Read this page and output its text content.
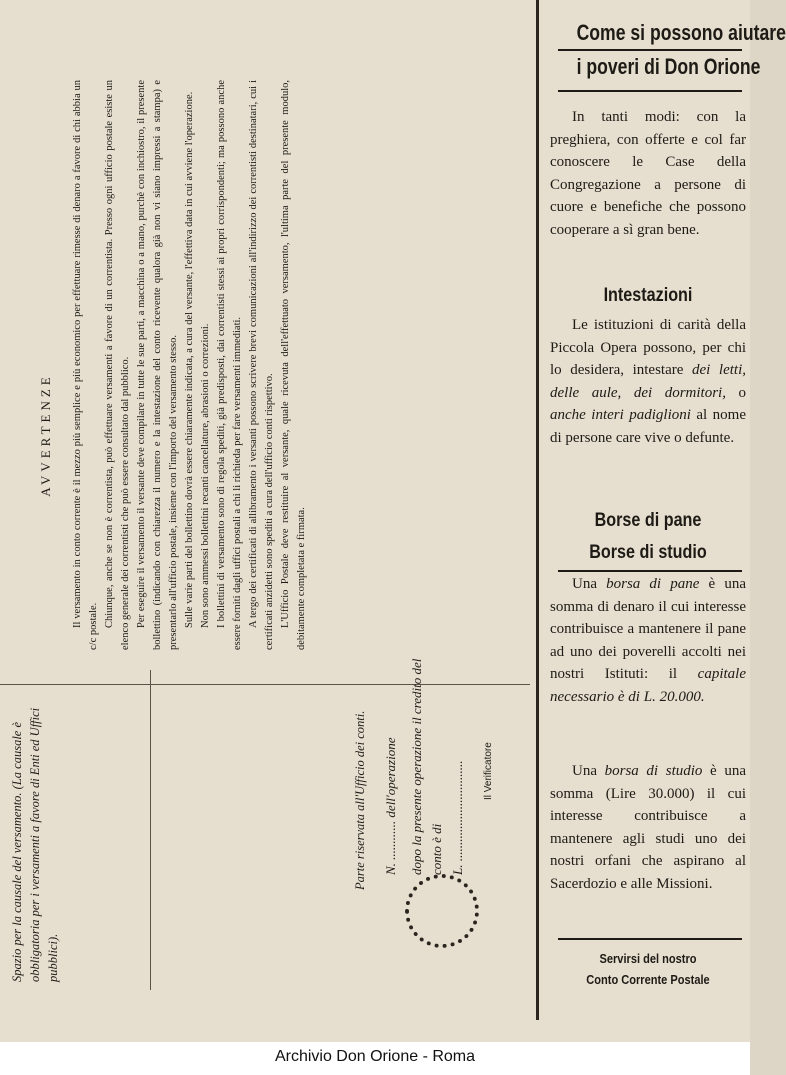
AVVERTENZE Il versamento in conto corrente è il mezzo più semplice e più economico per effettuare rimesse di denaro a favore di chi abbia un c/c postale. Chiunque, anche se non è correntista, può effettuare versamenti a favore di un correntista. Presso ogni ufficio postale esiste un elenco generale dei correntisti che può essere consultato dal pubblico. Per eseguire il versamento il versante deve compilare in tutte le sue parti, a macchina o a mano, purchè con inchiostro, il presente bollettino (indicando con chiarezza il numero e la intestazione del conto ricevente qualora già non vi siano impressi a stampa) e presentarlo all'ufficio postale, insieme con l'importo del versamento stesso. Sulle varie parti del bollettino dovrà essere chiaramente indicata, a cura del versante, l'effettiva data in cui avviene l'operazione. Non sono ammessi bollettini recanti cancellature, abrasioni o correzioni. I bollettini di versamento sono di regola spediti, già predisposti, dai correntisti stessi ai propri corrispondenti; ma possono anche essere forniti dagli uffici postali a chi li richieda per fare versamenti immediati. A tergo dei certificati di allibramento i versanti possono scrivere brevi comunicazioni all'indirizzo dei correntisti destinatari, cui i certificati anzidetti sono spediti a cura dell'ufficio conti rispettivo. L'Ufficio Postale deve restituire al versante, quale ricevuta dell'effettuato versamento, l'ultima parte del presente modulo, debitamente completata e firmata.

Spazio per la causale del versamento. (La causale è obbligatoria per i versamenti a favore di Enti ed Uffici pubblici).
Parte riservata all'Ufficio dei conti. N. ............ dell'operazione dopo la presente operazione il credito del conto è di L. ............................... Il Verificatore
Come si possono aiutare
i poveri di Don Orione
In tanti modi: con la preghiera, con offerte e col far conoscere le Case della Congregazione a persone di cuore e benefiche che possono cooperare a sì gran bene.
Intestazioni
Le istituzioni di carità della Piccola Opera possono, per chi lo desidera, intestare dei letti, delle aule, dei dormitori, o anche interi padiglioni al nome di persone care vive o defunte.
Borse di pane
Borse di studio
Una borsa di pane è una somma di denaro il cui interesse contribuisce a mantenere il pane ad uno dei poverelli accolti nei nostri Istituti: il capitale necessario è di L. 20.000.
Una borsa di studio è una somma (Lire 30.000) il cui interesse contribuisce a mantenere agli studi uno dei nostri orfani che aspirano al Sacerdozio e alle Missioni.
Servirsi del nostro
Conto Corrente Postale
Archivio Don Orione - Roma
